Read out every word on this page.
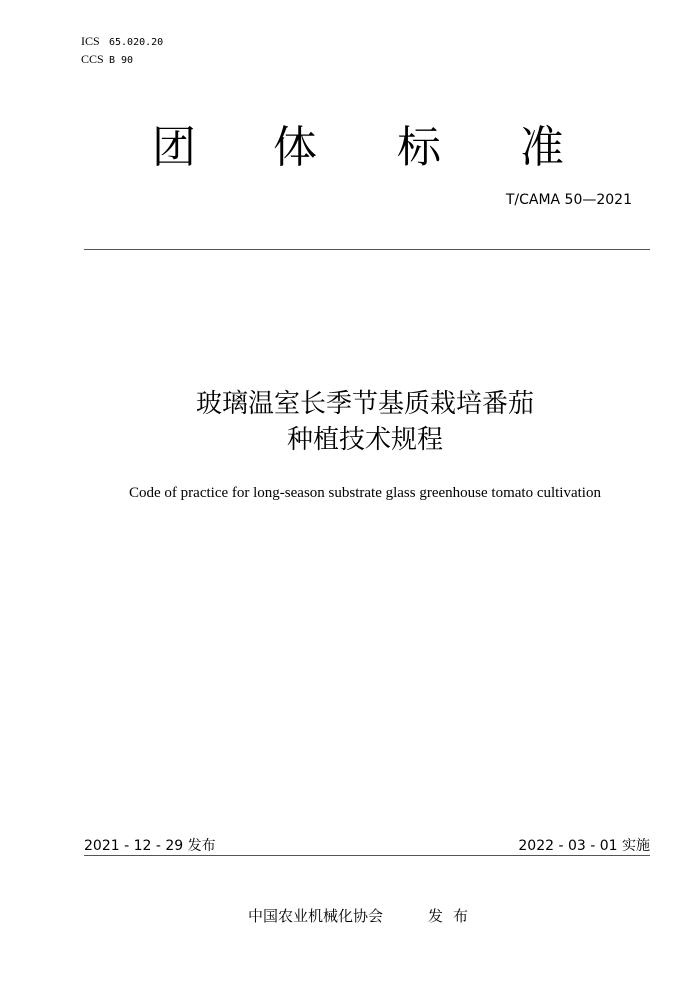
ICS 65.020.20
CCS B 90
团 体 标 准
T/CAMA 50—2021
玻璃温室长季节基质栽培番茄
种植技术规程
Code of practice for long-season substrate glass greenhouse tomato cultivation
2021 - 12 - 29 发布	2022 - 03 - 01 实施
中国农业机械化协会	发布
